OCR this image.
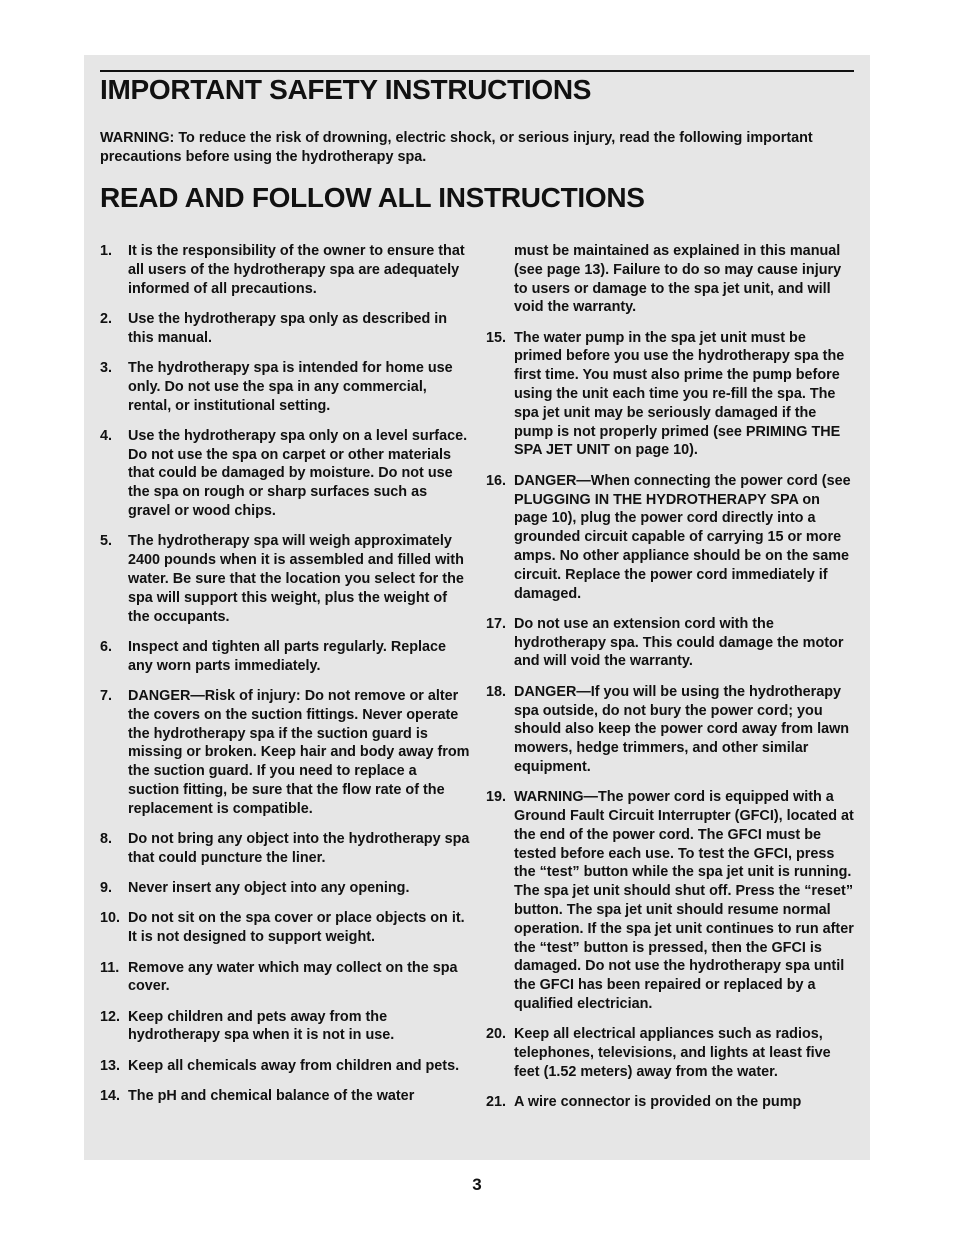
IMPORTANT SAFETY INSTRUCTIONS

WARNING: To reduce the risk of drowning, electric shock, or serious injury, read the following important precautions before using the hydrotherapy spa.

READ AND FOLLOW ALL INSTRUCTIONS
1. It is the responsibility of the owner to ensure that all users of the hydrotherapy spa are adequately informed of all precautions.
2. Use the hydrotherapy spa only as described in this manual.
3. The hydrotherapy spa is intended for home use only. Do not use the spa in any commercial, rental, or institutional setting.
4. Use the hydrotherapy spa only on a level surface. Do not use the spa on carpet or other materials that could be damaged by moisture. Do not use the spa on rough or sharp surfaces such as gravel or wood chips.
5. The hydrotherapy spa will weigh approximately 2400 pounds when it is assembled and filled with water. Be sure that the location you select for the spa will support this weight, plus the weight of the occupants.
6. Inspect and tighten all parts regularly. Replace any worn parts immediately.
7. DANGER—Risk of injury: Do not remove or alter the covers on the suction fittings. Never operate the hydrotherapy spa if the suction guard is missing or broken. Keep hair and body away from the suction guard. If you need to replace a suction fitting, be sure that the flow rate of the replacement is compatible.
8. Do not bring any object into the hydrotherapy spa that could puncture the liner.
9. Never insert any object into any opening.
10. Do not sit on the spa cover or place objects on it. It is not designed to support weight.
11. Remove any water which may collect on the spa cover.
12. Keep children and pets away from the hydrotherapy spa when it is not in use.
13. Keep all chemicals away from children and pets.
14. The pH and chemical balance of the water
must be maintained as explained in this manual (see page 13). Failure to do so may cause injury to users or damage to the spa jet unit, and will void the warranty.
15. The water pump in the spa jet unit must be primed before you use the hydrotherapy spa the first time. You must also prime the pump before using the unit each time you re-fill the spa. The spa jet unit may be seriously damaged if the pump is not properly primed (see PRIMING THE SPA JET UNIT on page 10).
16. DANGER—When connecting the power cord (see PLUGGING IN THE HYDROTHERAPY SPA on page 10), plug the power cord directly into a grounded circuit capable of carrying 15 or more amps. No other appliance should be on the same circuit. Replace the power cord immediately if damaged.
17. Do not use an extension cord with the hydrotherapy spa. This could damage the motor and will void the warranty.
18. DANGER—If you will be using the hydrotherapy spa outside, do not bury the power cord; you should also keep the power cord away from lawn mowers, hedge trimmers, and other similar equipment.
19. WARNING—The power cord is equipped with a Ground Fault Circuit Interrupter (GFCI), located at the end of the power cord. The GFCI must be tested before each use. To test the GFCI, press the “test” button while the spa jet unit is running. The spa jet unit should shut off. Press the “reset” button. The spa jet unit should resume normal operation. If the spa jet unit continues to run after the “test” button is pressed, then the GFCI is damaged. Do not use the hydrotherapy spa until the GFCI has been repaired or replaced by a qualified electrician.
20. Keep all electrical appliances such as radios, telephones, televisions, and lights at least five feet (1.52 meters) away from the water.
21. A wire connector is provided on the pump
3
